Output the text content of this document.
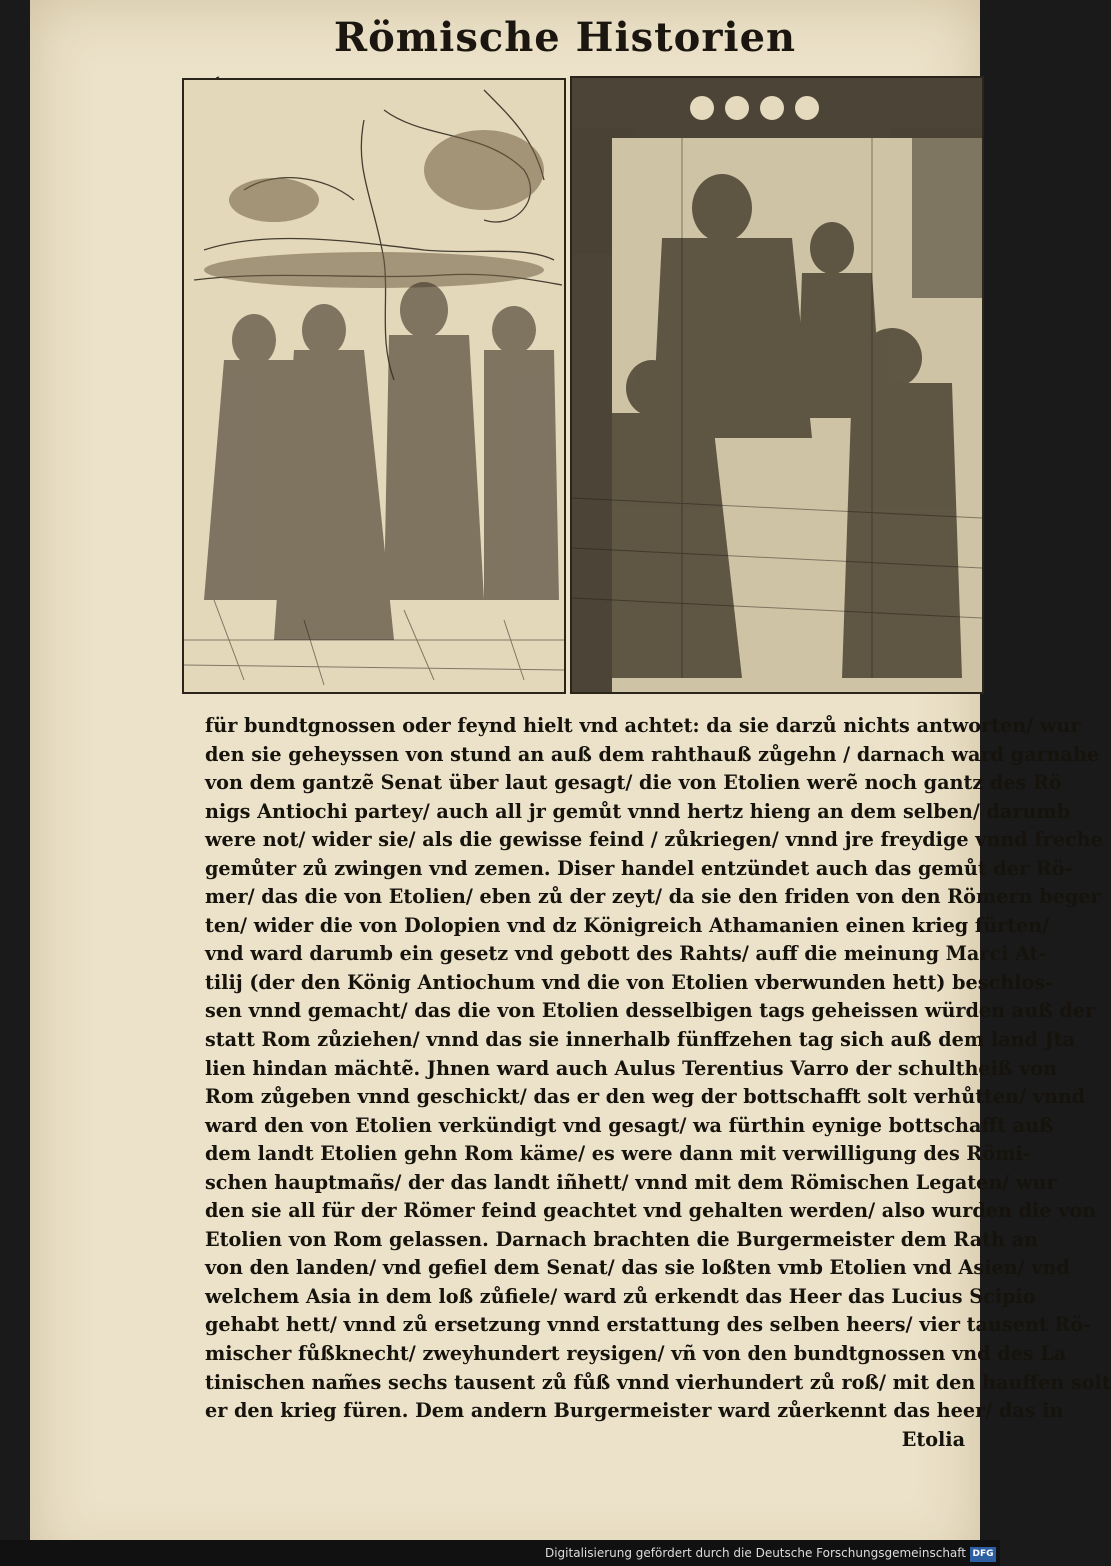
Römische Historien
für bundtgnossen oder feynd hielt vnd achtet: da sie darzů nichts antworten/ wur
den sie geheyssen von stund an auß dem rahthauß zůgehn / darnach ward garnahe
von dem gantzẽ Senat über laut gesagt/ die von Etolien werẽ noch gantz des Rö
nigs Antiochi partey/ auch all jr gemůt vnnd hertz hieng an dem selben/ darumb
were not/ wider sie/ als die gewisse feind / zůkriegen/ vnnd jre freydige vnnd freche
gemůter zů zwingen vnd zemen. Diser handel entzündet auch das gemůt der Rö-
mer/ das die von Etolien/ eben zů der zeyt/ da sie den friden von den Römern beger
ten/ wider die von Dolopien vnd dz Königreich Athamanien einen krieg fürten/
vnd ward darumb ein gesetz vnd gebott des Rahts/ auff die meinung Marci At-
tilij (der den König Antiochum vnd die von Etolien vberwunden hett) beschlos-
sen vnnd gemacht/ das die von Etolien desselbigen tags geheissen würden auß der
statt Rom zůziehen/ vnnd das sie innerhalb fünffzehen tag sich auß dem land Jta
lien hindan mächtẽ. Jhnen ward auch Aulus Terentius Varro der schultheiß von
Rom zůgeben vnnd geschickt/ das er den weg der bottschafft solt verhůtten/ vnnd
ward den von Etolien verkündigt vnd gesagt/ wa fürthin eynige bottschafft auß
dem landt Etolien gehn Rom käme/ es were dann mit verwilligung des Römi-
schen hauptmañs/ der das landt iñhett/ vnnd mit dem Römischen Legaten/ wur
den sie all für der Römer feind geachtet vnd gehalten werden/ also wurden die von
Etolien von Rom gelassen. Darnach brachten die Burgermeister dem Rath an
von den landen/ vnd gefiel dem Senat/ das sie loßten vmb Etolien vnd Asien/ vnd
welchem Asia in dem loß zůfiele/ ward zů erkendt das Heer das Lucius Scipio
gehabt hett/ vnnd zů ersetzung vnnd erstattung des selben heers/ vier tausent Rö-
mischer fůßknecht/ zweyhundert reysigen/ vñ von den bundtgnossen vnd des La
tinischen nam̃es sechs tausent zů fůß vnnd vierhundert zů roß/ mit den hauffen solt
er den krieg füren. Dem andern Burgermeister ward zůerkennt das heer/ das in
Etolia
Digitalisierung gefördert durch die Deutsche Forschungsgemeinschaft DFG
